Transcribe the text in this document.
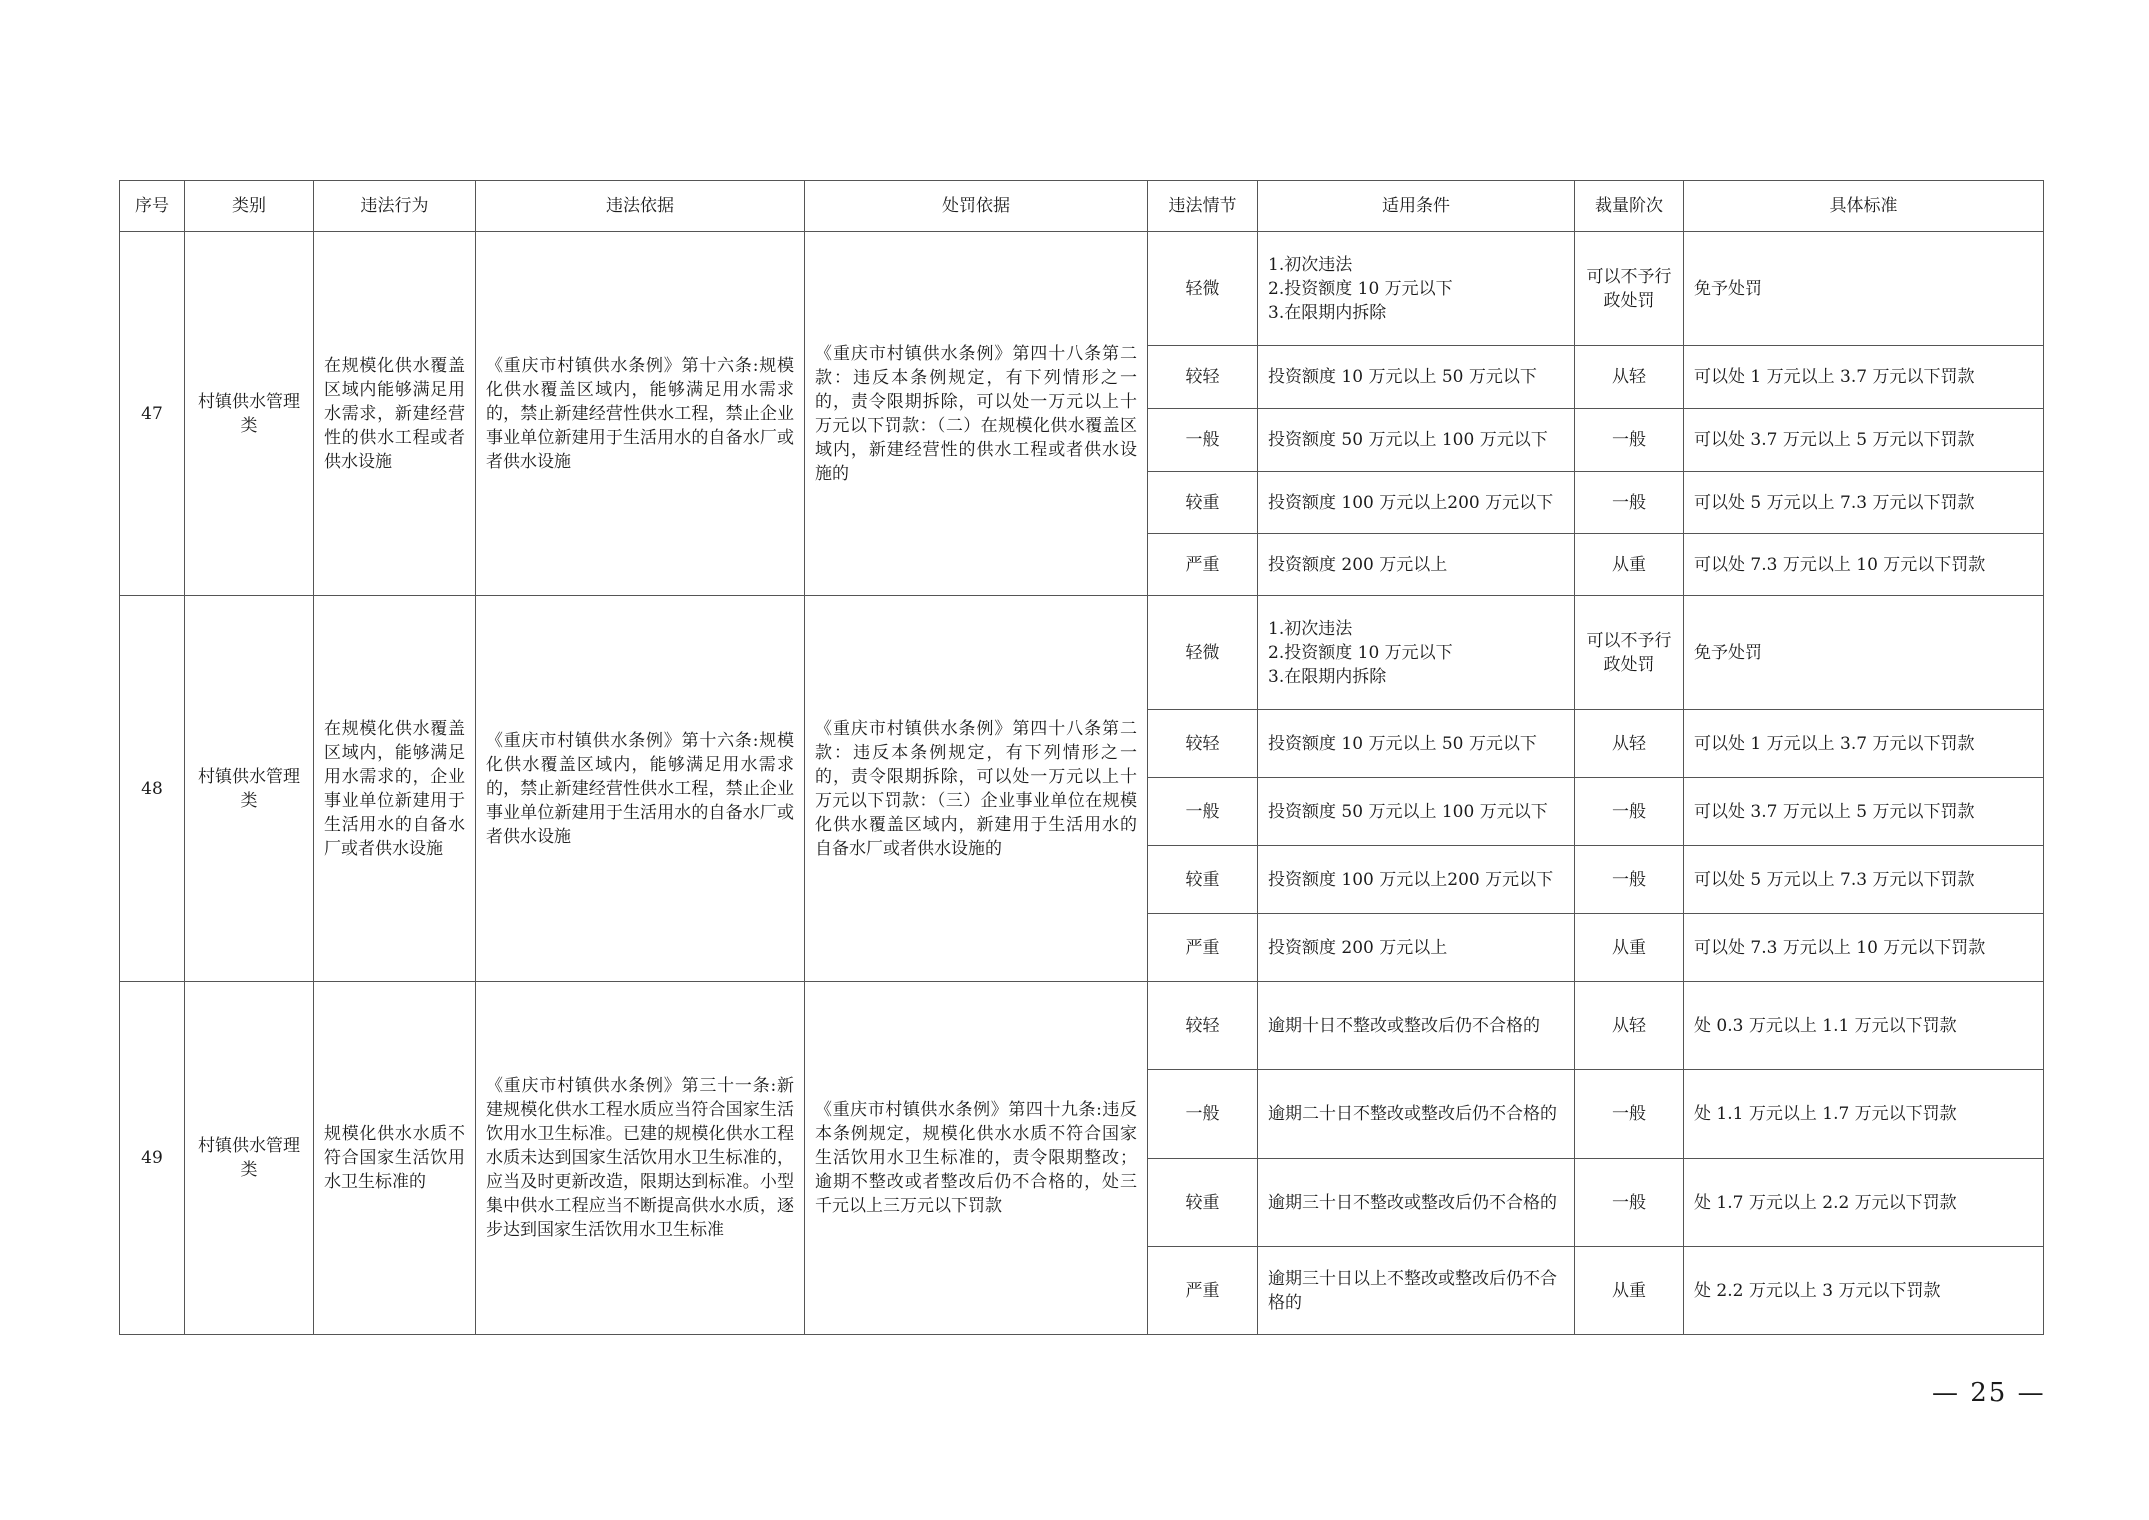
序号	类别	违法行为	违法依据	处罚依据	违法情节	适用条件	裁量阶次	具体标准
47	村镇供水管理类	在规模化供水覆盖区域内能够满足用水需求，新建经营性的供水工程或者供水设施	《重庆市村镇供水条例》第十六条:规模化供水覆盖区域内，能够满足用水需求的，禁止新建经营性供水工程，禁止企业事业单位新建用于生活用水的自备水厂或者供水设施	《重庆市村镇供水条例》第四十八条第二款：违反本条例规定，有下列情形之一的，责令限期拆除，可以处一万元以上十万元以下罚款：（二）在规模化供水覆盖区域内，新建经营性的供水工程或者供水设施的	轻微	1.初次违法
2.投资额度 10 万元以下
3.在限期内拆除	可以不予行政处罚	免予处罚
					较轻	投资额度 10 万元以上 50 万元以下	从轻	可以处 1 万元以上 3.7 万元以下罚款
					一般	投资额度 50 万元以上 100 万元以下	一般	可以处 3.7 万元以上 5 万元以下罚款
					较重	投资额度 100 万元以上200 万元以下	一般	可以处 5 万元以上 7.3 万元以下罚款
					严重	投资额度 200 万元以上	从重	可以处 7.3 万元以上 10 万元以下罚款
48	村镇供水管理类	在规模化供水覆盖区域内，能够满足用水需求的，企业事业单位新建用于生活用水的自备水厂或者供水设施	《重庆市村镇供水条例》第十六条:规模化供水覆盖区域内，能够满足用水需求的，禁止新建经营性供水工程，禁止企业事业单位新建用于生活用水的自备水厂或者供水设施	《重庆市村镇供水条例》第四十八条第二款：违反本条例规定，有下列情形之一的，责令限期拆除，可以处一万元以上十万元以下罚款：（三）企业事业单位在规模化供水覆盖区域内，新建用于生活用水的自备水厂或者供水设施的	轻微	1.初次违法
2.投资额度 10 万元以下
3.在限期内拆除	可以不予行政处罚	免予处罚
					较轻	投资额度 10 万元以上 50 万元以下	从轻	可以处 1 万元以上 3.7 万元以下罚款
					一般	投资额度 50 万元以上 100 万元以下	一般	可以处 3.7 万元以上 5 万元以下罚款
					较重	投资额度 100 万元以上200 万元以下	一般	可以处 5 万元以上 7.3 万元以下罚款
					严重	投资额度 200 万元以上	从重	可以处 7.3 万元以上 10 万元以下罚款
49	村镇供水管理类	规模化供水水质不符合国家生活饮用水卫生标准的	《重庆市村镇供水条例》第三十一条:新建规模化供水工程水质应当符合国家生活饮用水卫生标准。已建的规模化供水工程水质未达到国家生活饮用水卫生标准的，应当及时更新改造，限期达到标准。小型集中供水工程应当不断提高供水水质，逐步达到国家生活饮用水卫生标准	《重庆市村镇供水条例》第四十九条:违反本条例规定，规模化供水水质不符合国家生活饮用水卫生标准的，责令限期整改；逾期不整改或者整改后仍不合格的，处三千元以上三万元以下罚款	较轻	逾期十日不整改或整改后仍不合格的	从轻	处 0.3 万元以上 1.1 万元以下罚款
					一般	逾期二十日不整改或整改后仍不合格的	一般	处 1.1 万元以上 1.7 万元以下罚款
					较重	逾期三十日不整改或整改后仍不合格的	一般	处 1.7 万元以上 2.2 万元以下罚款
					严重	逾期三十日以上不整改或整改后仍不合格的	从重	处 2.2 万元以上 3 万元以下罚款
— 25 —
